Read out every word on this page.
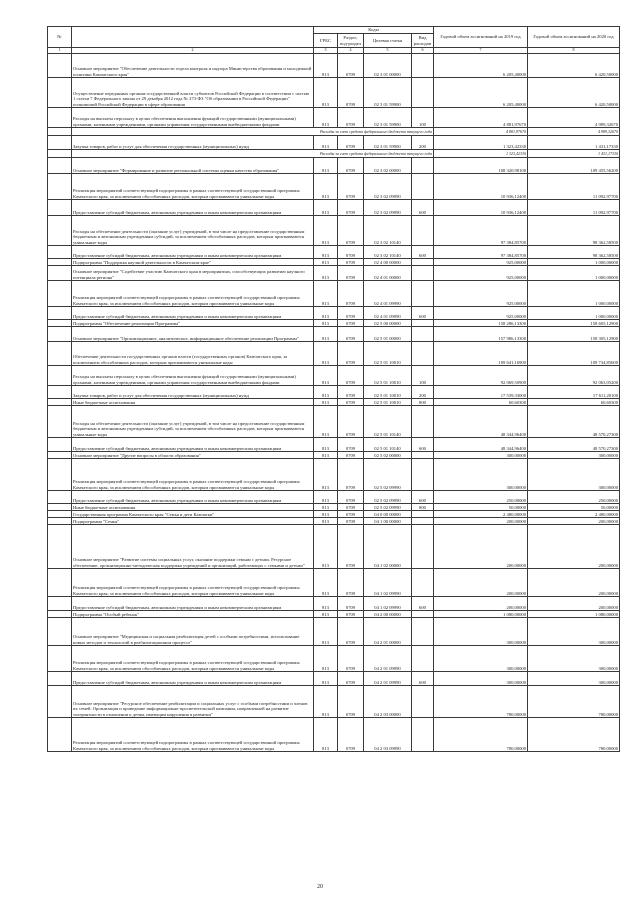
№		Коды				Годовой объем ассигнований на 2019 год	Годовой объем ассигнований на 2020 год
		ГРБС	Раздел, под-раздел	Целевая статья	Вид расходов		
1	2	3	4	5	6	7	8
	Основное мероприятие "Обеспечение деятельности отдела контроля и надзора Министерства образования и молодежной политики Камчатского края"	813	0709	02 3 01 00000		6 205,40000	6 420,50000
	Осуществление переданных органам государственной власти субъектов Российской Федерации в соответствии с частью 1 статьи 7 Федерального закона от 29 декабря 2012 года № 273-ФЗ "Об образовании в Российской Федерации" полномочий Российской Федерации в сфере образования	813	0709	02 3 01 59900		6 205,40000	6 420,50000
	Расходы на выплаты персоналу в целях обеспечения выполнения функций государственными (муниципальными) органами, казенными учреждениями, органами управления государственными внебюджетными фондами	813	0709	02 3 01 59900	100	4 881,97670	4 989,32670
	Расходы за счет средств федерального бюджета текущего года					4 881,97670	4 989,32670
	Закупка товаров, работ и услуг для обеспечения государственных (муниципальных) нужд	813	0709	02 3 01 59900	200	1 323,42330	1 431,17330
	Расходы за счет средств федерального бюджета текущего года					1 323,42330	1 431,17330
	Основное мероприятие "Формирование и развитие региональной системы оценки качества образования"	813	0709	02 3 02 00000		108 320,98100	109 455,56200
	Реализация мероприятий соответствующей подпрограммы в рамках соответствующей государственной программы Камчатского края, за исключением обособленных расходов, которым присваиваются уникальные коды	813	0709	02 3 02 09990		10 936,12400	11 092,97700
	Предоставление субсидий бюджетным, автономным учреждениям и иным некоммерческим организациям	813	0709	02 3 02 09990	600	10 936,12400	11 092,97700
	Расходы на обеспечение деятельности (оказание услуг) учреждений, в том числе на предоставление государственным бюджетным и автономным учреждениям субсидий, за исключением обособленных расходов, которым присваиваются уникальные коды	813	0709	02 3 02 10140		97 384,85700	98 362,58500
	Предоставление субсидий бюджетным, автономным учреждениям и иным некоммерческим организациям	813	0709	02 3 02 10140	600	97 384,85700	98 362,58500
	Подпрограмма "Поддержка научной деятельности в Камчатском крае"	813	0709	02 4 00 00000		925,00000	1 000,00000
	Основное мероприятие "Содействие участию Камчатского края в мероприятиях, способствующих развитию научного потенциала региона"	813	0709	02 4 01 00000		925,00000	1 000,00000
	Реализация мероприятий соответствующей подпрограммы в рамках соответствующей государственной программы Камчатского края, за исключением обособленных расходов, которым присваиваются уникальные коды	813	0709	02 4 01 09990		925,00000	1 000,00000
	Предоставление субсидий бюджетным, автономным учреждениям и иным некоммерческим организациям	813	0709	02 4 01 09990	600	925,00000	1 000,00000
	Подпрограмма "Обеспечение реализации Программы"	813	0709	02 5 00 00000		158 286,13300	158 605,12900
	Основное мероприятие "Организационное, аналитическое, информационное обеспечение реализации Программы"	813	0709	02 5 01 00000		157 986,13300	158 305,12900
	Обеспечение деятельности государственных органов власти (государственных органов) Камчатского края, за исключением обособленных расходов, которым присваиваются уникальные коды	813	0709	02 5 01 10010		109 641,16900	109 734,85600
	Расходы на выплаты персоналу в целях обеспечения выполнения функций государственными (муниципальными) органами, казенными учреждениями, органами управления государственными внебюджетными фондами	813	0709	02 5 01 10010	100	92 069,50900	92 063,05200
	Закупка товаров, работ и услуг для обеспечения государственных (муниципальных) нужд	813	0709	02 5 01 10010	200	17 539,33000	17 611,20100
	Иные бюджетные ассигнования	813	0709	02 5 01 10010	800	60,60300	60,60300
	Расходы на обеспечение деятельности (оказание услуг) учреждений, в том числе на предоставление государственным бюджетным и автономным учреждениям субсидий, за исключением обособленных расходов, которым присваиваются уникальные коды	813	0709	02 5 01 10140		48 344,96400	48 570,27300
	Предоставление субсидий бюджетным, автономным учреждениям и иным некоммерческим организациям	813	0709	02 5 01 10140	600	48 344,96400	48 570,27300
	Основное мероприятие "Другие вопросы в области образования"	813	0709	02 5 02 00000		300,00000	300,00000
	Реализация мероприятий соответствующей подпрограммы в рамках соответствующей государственной программы Камчатского края, за исключением обособленных расходов, которым присваиваются уникальные коды	813	0709	02 5 02 09990		300,00000	300,00000
	Предоставление субсидий бюджетным, автономным учреждениям и иным некоммерческим организациям	813	0709	02 5 02 09990	600	250,00000	250,00000
	Иные бюджетные ассигнования	813	0709	02 5 02 09990	800	50,00000	50,00000
	Государственная программа Камчатского края "Семья и дети Камчатки"	813	0709	04 0 00 00000		2 480,00000	2 480,00000
	Подпрограмма "Семья"	813	0709	04 1 00 00000		200,00000	200,00000
	Основное мероприятие "Развитие системы социальных услуг, оказание поддержки семьям с детьми. Ресурсное обеспечение, организационно-методическая поддержка учреждений и организаций, работающих с семьями и детьми"	813	0709	04 1 02 00000		200,00000	200,00000
	Реализация мероприятий соответствующей подпрограммы в рамках соответствующей государственной программы Камчатского края, за исключением обособленных расходов, которым присваиваются уникальные коды	813	0709	04 1 02 09990		200,00000	200,00000
	Предоставление субсидий бюджетным, автономным учреждениям и иным некоммерческим организациям	813	0709	04 1 02 09990	600	200,00000	200,00000
	Подпрограмма "Особый ребенок"	813	0709	04 2 00 00000		1 080,00000	1 080,00000
	Основное мероприятие "Медицинская и социальная реабилитация детей с особыми потребностями, использование новых методов и технологий в реабилитационном процессе"	813	0709	04 2 01 00000		300,00000	300,00000
	Реализация мероприятий соответствующей подпрограммы в рамках соответствующей государственной программы Камчатского края, за исключением обособленных расходов, которым присваиваются уникальные коды	813	0709	04 2 01 09990		300,00000	300,00000
	Предоставление субсидий бюджетным, автономным учреждениям и иным некоммерческим организациям	813	0709	04 2 01 09990	600	300,00000	300,00000
	Основное мероприятие "Ресурсное обеспечение реабилитации и социальных услуг с особыми потребностями и членов их семей. Организация и проведение информационно-просветительской кампании, направленной на развитие толерантности в отношении к детям, имеющим нарушения в развитии"	813	0709	04 2 03 00000		780,00000	780,00000
	Реализация мероприятий соответствующей подпрограммы в рамках соответствующей государственной программы Камчатского края, за исключением обособленных расходов, которым присваиваются уникальные коды	813	0709	04 2 03 09990		780,00000	780,00000
20
